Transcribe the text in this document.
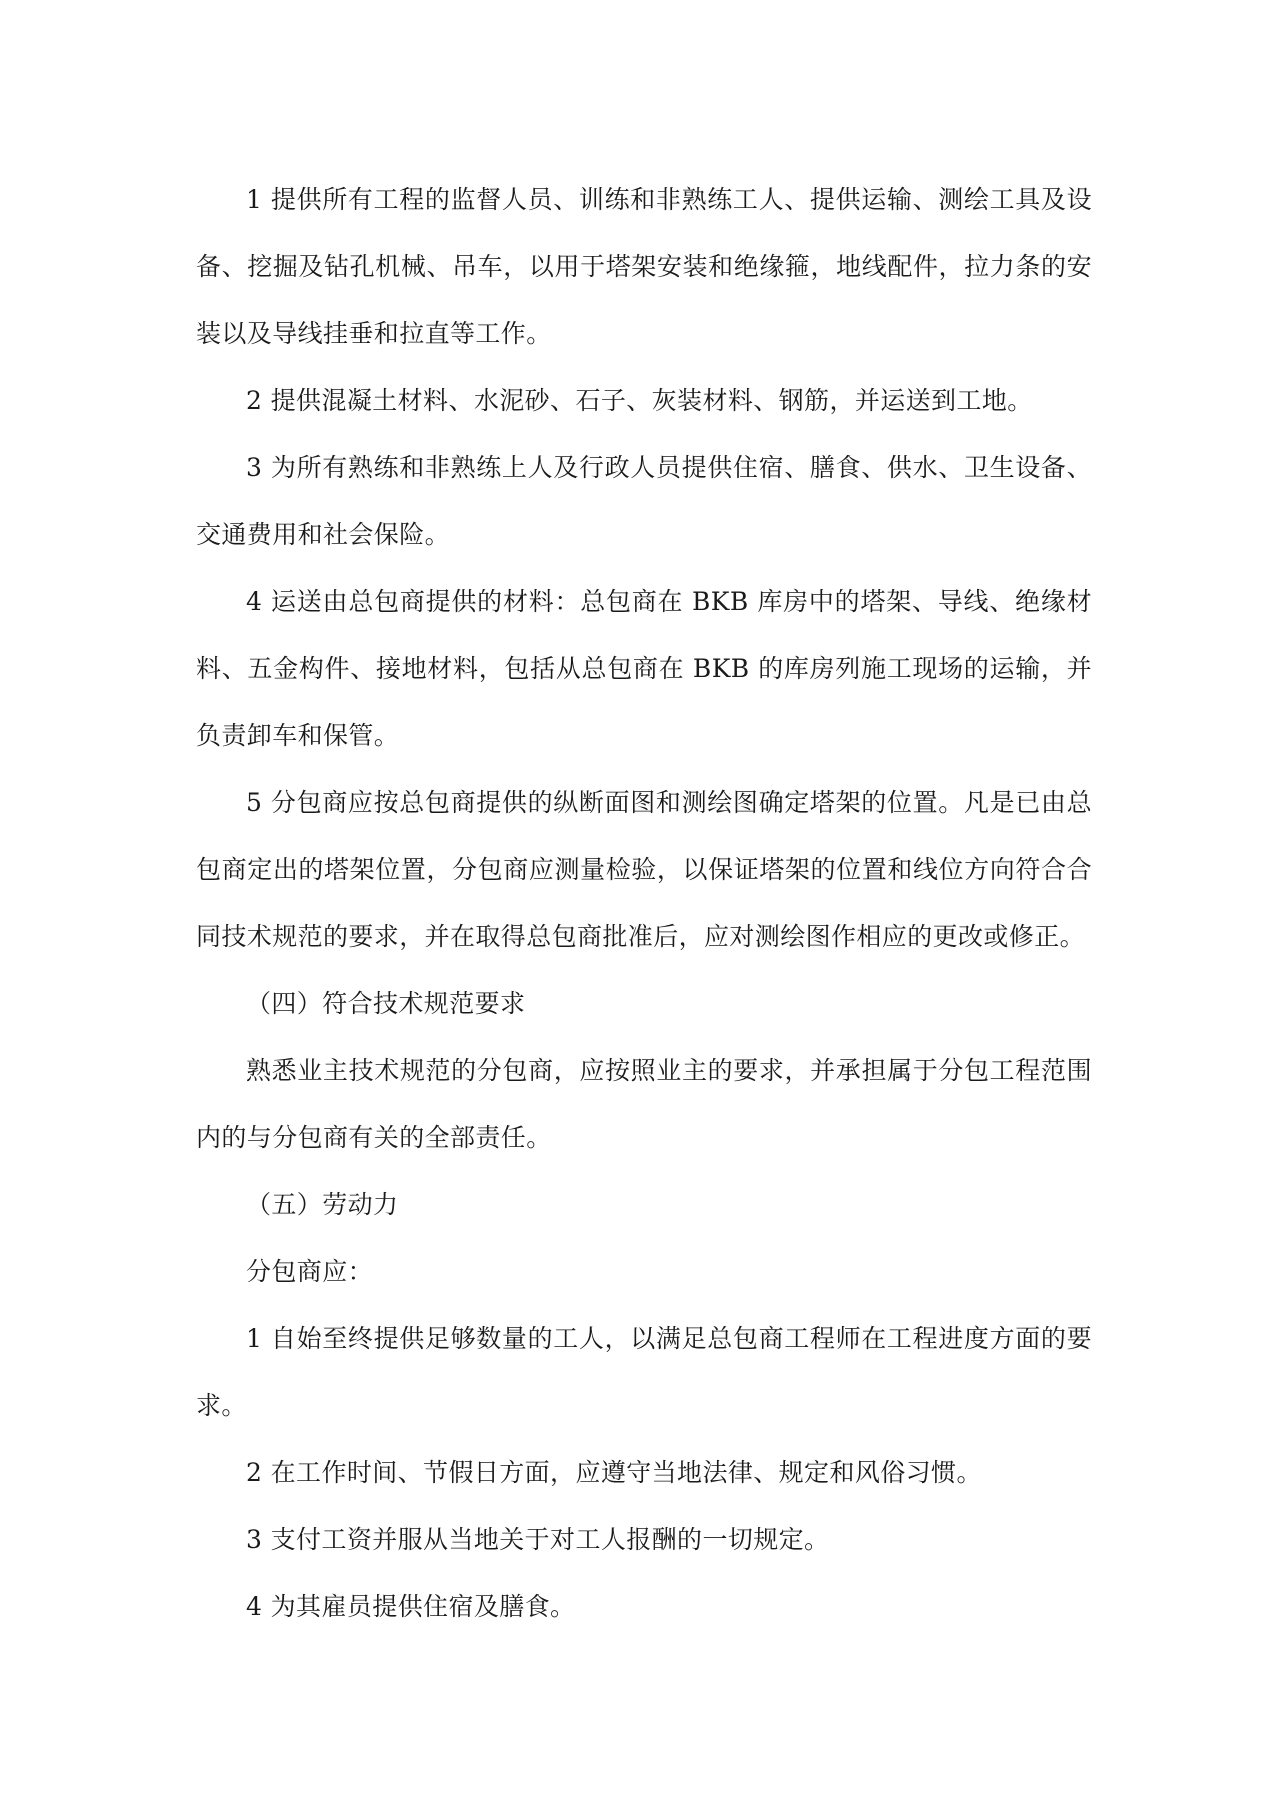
1 提供所有工程的监督人员、训练和非熟练工人、提供运输、测绘工具及设备、挖掘及钻孔机械、吊车，以用于塔架安装和绝缘箍，地线配件，拉力条的安装以及导线挂垂和拉直等工作。

2 提供混凝土材料、水泥砂、石子、灰装材料、钢筋，并运送到工地。

3 为所有熟练和非熟练上人及行政人员提供住宿、膳食、供水、卫生设备、交通费用和社会保险。

4 运送由总包商提供的材料：总包商在 BKB 库房中的塔架、导线、绝缘材料、五金构件、接地材料，包括从总包商在 BKB 的库房列施工现场的运输，并负责卸车和保管。

5 分包商应按总包商提供的纵断面图和测绘图确定塔架的位置。凡是已由总包商定出的塔架位置，分包商应测量检验，以保证塔架的位置和线位方向符合合同技术规范的要求，并在取得总包商批准后，应对测绘图作相应的更改或修正。

（四）符合技术规范要求

熟悉业主技术规范的分包商，应按照业主的要求，并承担属于分包工程范围内的与分包商有关的全部责任。

（五）劳动力

分包商应：

1 自始至终提供足够数量的工人，以满足总包商工程师在工程进度方面的要求。

2 在工作时间、节假日方面，应遵守当地法律、规定和风俗习惯。

3 支付工资并服从当地关于对工人报酬的一切规定。

4 为其雇员提供住宿及膳食。
